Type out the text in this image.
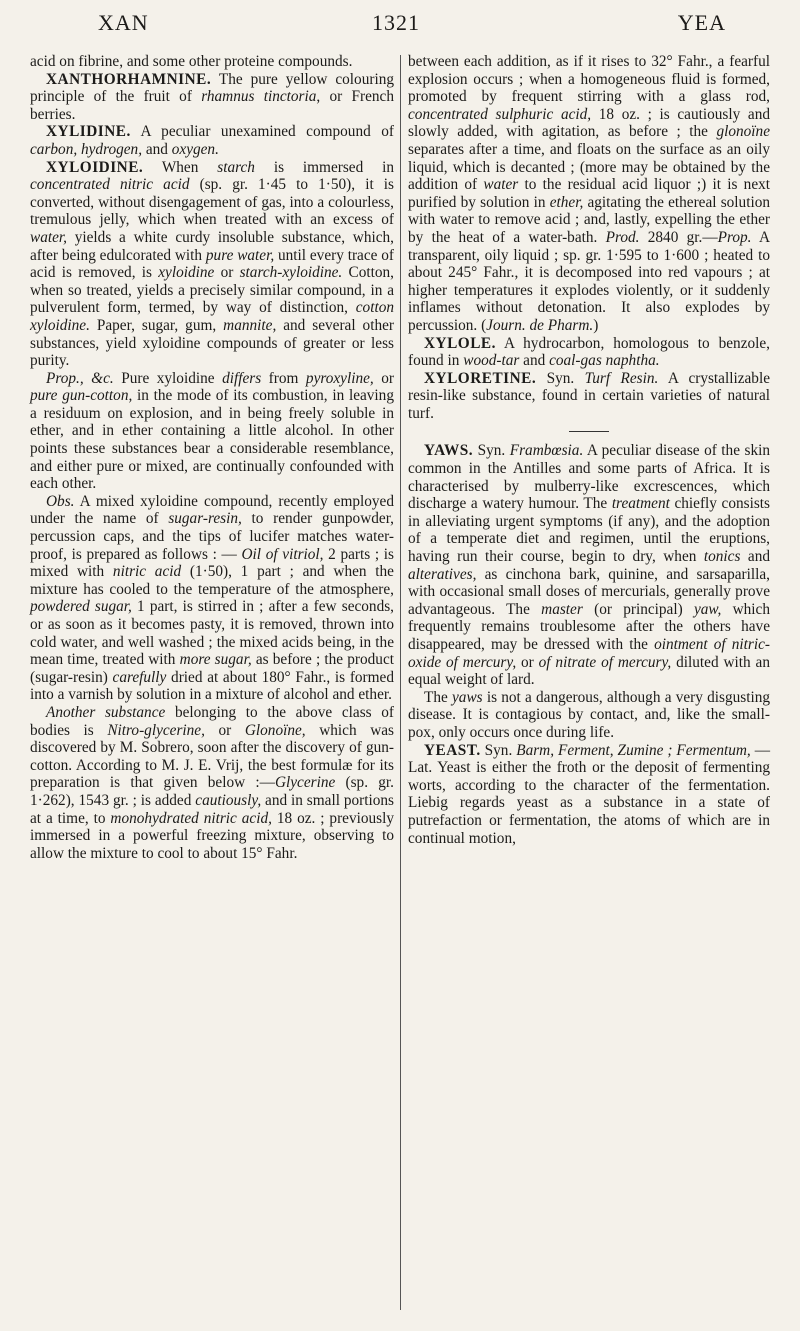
XAN	1321	YEA

acid on fibrine, and some other proteine compounds.

XANTHORHAMNINE. The pure yellow colouring principle of the fruit of rhamnus tinctoria, or French berries.

XYLIDINE. A peculiar unexamined compound of carbon, hydrogen, and oxygen.

XYLOIDINE. When starch is immersed in concentrated nitric acid (sp. gr. 1·45 to 1·50), it is converted, without disengagement of gas, into a colourless, tremulous jelly, which when treated with an excess of water, yields a white curdy insoluble substance, which, after being edulcorated with pure water, until every trace of acid is removed, is xyloidine or starch-xyloidine. Cotton, when so treated, yields a precisely similar compound, in a pulverulent form, termed, by way of distinction, cotton xyloidine. Paper, sugar, gum, mannite, and several other substances, yield xyloidine compounds of greater or less purity.

Prop., &c. Pure xyloidine differs from pyroxyline, or pure gun-cotton, in the mode of its combustion, in leaving a residuum on explosion, and in being freely soluble in ether, and in ether containing a little alcohol. In other points these substances bear a considerable resemblance, and either pure or mixed, are continually confounded with each other.

Obs. A mixed xyloidine compound, recently employed under the name of sugar-resin, to render gunpowder, percussion caps, and the tips of lucifer matches water-proof, is prepared as follows : — Oil of vitriol, 2 parts ; is mixed with nitric acid (1·50), 1 part ; and when the mixture has cooled to the temperature of the atmosphere, powdered sugar, 1 part, is stirred in ; after a few seconds, or as soon as it becomes pasty, it is removed, thrown into cold water, and well washed ; the mixed acids being, in the mean time, treated with more sugar, as before ; the product (sugar-resin) carefully dried at about 180° Fahr., is formed into a varnish by solution in a mixture of alcohol and ether.

Another substance belonging to the above class of bodies is Nitro-glycerine, or Glonoïne, which was discovered by M. Sobrero, soon after the discovery of gun-cotton. According to M. J. E. Vrij, the best formulæ for its preparation is that given below :—Glycerine (sp. gr. 1·262), 1543 gr. ; is added cautiously, and in small portions at a time, to monohydrated nitric acid, 18 oz. ; previously immersed in a powerful freezing mixture, observing to allow the mixture to cool to about 15° Fahr.

between each addition, as if it rises to 32° Fahr., a fearful explosion occurs ; when a homogeneous fluid is formed, promoted by frequent stirring with a glass rod, concentrated sulphuric acid, 18 oz. ; is cautiously and slowly added, with agitation, as before ; the glonoïne separates after a time, and floats on the surface as an oily liquid, which is decanted ; (more may be obtained by the addition of water to the residual acid liquor ;) it is next purified by solution in ether, agitating the ethereal solution with water to remove acid ; and, lastly, expelling the ether by the heat of a water-bath. Prod. 2840 gr.—Prop. A transparent, oily liquid ; sp. gr. 1·595 to 1·600 ; heated to about 245° Fahr., it is decomposed into red vapours ; at higher temperatures it explodes violently, or it suddenly inflames without detonation. It also explodes by percussion. (Journ. de Pharm.)

XYLOLE. A hydrocarbon, homologous to benzole, found in wood-tar and coal-gas naphtha.

XYLORETINE. Syn. Turf Resin. A crystallizable resin-like substance, found in certain varieties of natural turf.

YAWS. Syn. Frambœsia. A peculiar disease of the skin common in the Antilles and some parts of Africa. It is characterised by mulberry-like excrescences, which discharge a watery humour. The treatment chiefly consists in alleviating urgent symptoms (if any), and the adoption of a temperate diet and regimen, until the eruptions, having run their course, begin to dry, when tonics and alteratives, as cinchona bark, quinine, and sarsaparilla, with occasional small doses of mercurials, generally prove advantageous. The master (or principal) yaw, which frequently remains troublesome after the others have disappeared, may be dressed with the ointment of nitric-oxide of mercury, or of nitrate of mercury, diluted with an equal weight of lard.

The yaws is not a dangerous, although a very disgusting disease. It is contagious by contact, and, like the small-pox, only occurs once during life.

YEAST. Syn. Barm, Ferment, Zumine ; Fermentum, — Lat. Yeast is either the froth or the deposit of fermenting worts, according to the character of the fermentation. Liebig regards yeast as a substance in a state of putrefaction or fermentation, the atoms of which are in continual motion,
